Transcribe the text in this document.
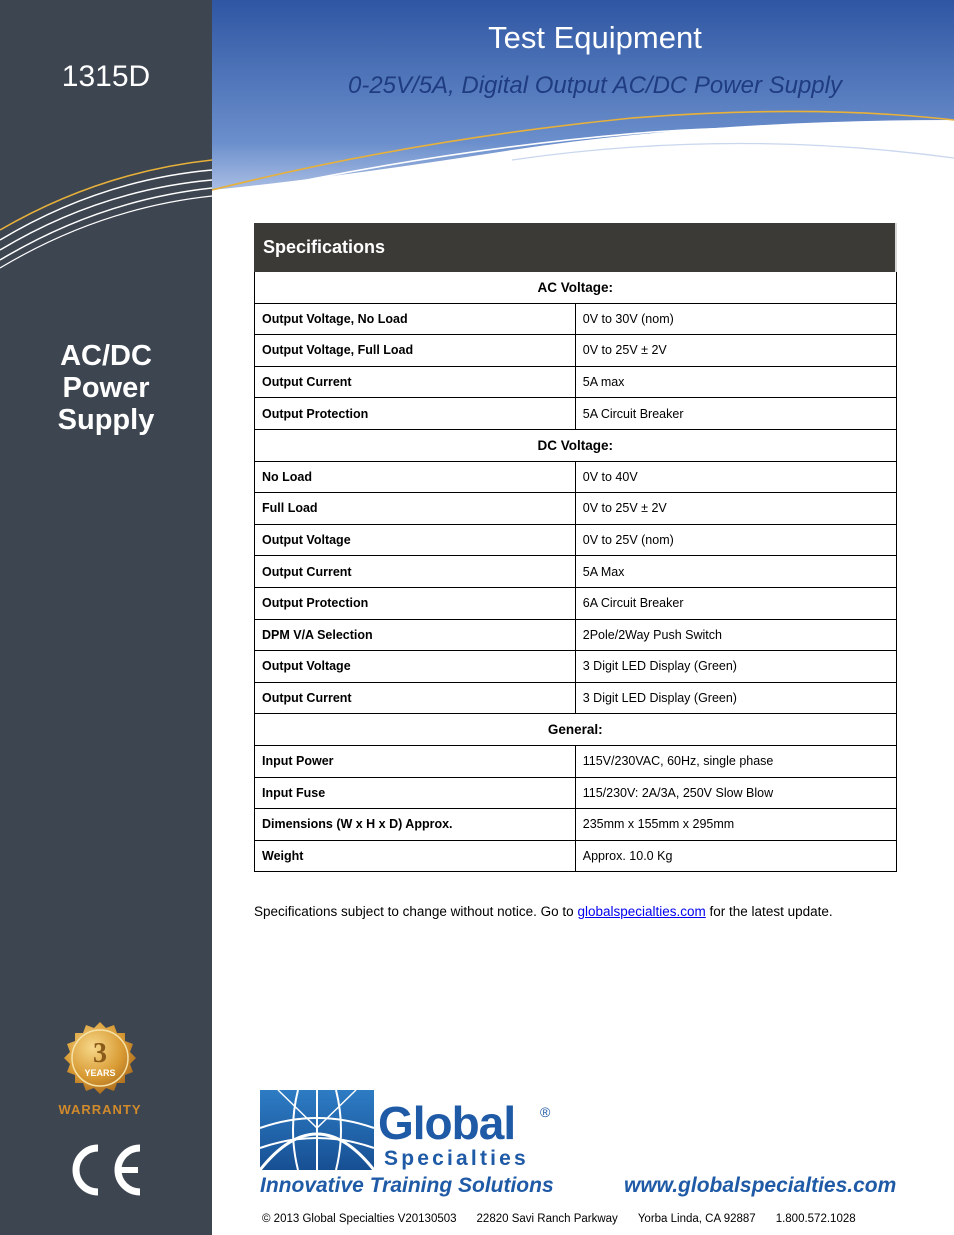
1315D
AC/DC
Power
Supply
Test Equipment
0-25V/5A, Digital Output AC/DC Power Supply
Specifications	
AC Voltage:	
Output Voltage, No Load	0V to 30V (nom)
Output Voltage, Full Load	0V to 25V ± 2V
Output Current	5A max
Output Protection	5A Circuit Breaker
DC Voltage:	
No Load	0V to 40V
Full Load	0V to 25V ± 2V
Output Voltage	0V to 25V (nom)
Output Current	5A Max
Output Protection	6A Circuit Breaker
DPM V/A Selection	2Pole/2Way Push Switch
Output Voltage	3 Digit LED Display (Green)
Output Current	3 Digit LED Display (Green)
General:	
Input Power	115V/230VAC, 60Hz, single phase
Input Fuse	115/230V: 2A/3A, 250V Slow Blow
Dimensions (W x H x D) Approx.	235mm x 155mm x 295mm
Weight	Approx. 10.0 Kg
Specifications subject to change without notice. Go to globalspecialties.com for the latest update.
3
YEARS
WARRANTY	Global ®
Specialties
Innovative Training Solutions	www.globalspecialties.com
© 2013 Global Specialties V20130503 22820 Savi Ranch Parkway Yorba Linda, CA 92887 1.800.572.1028
